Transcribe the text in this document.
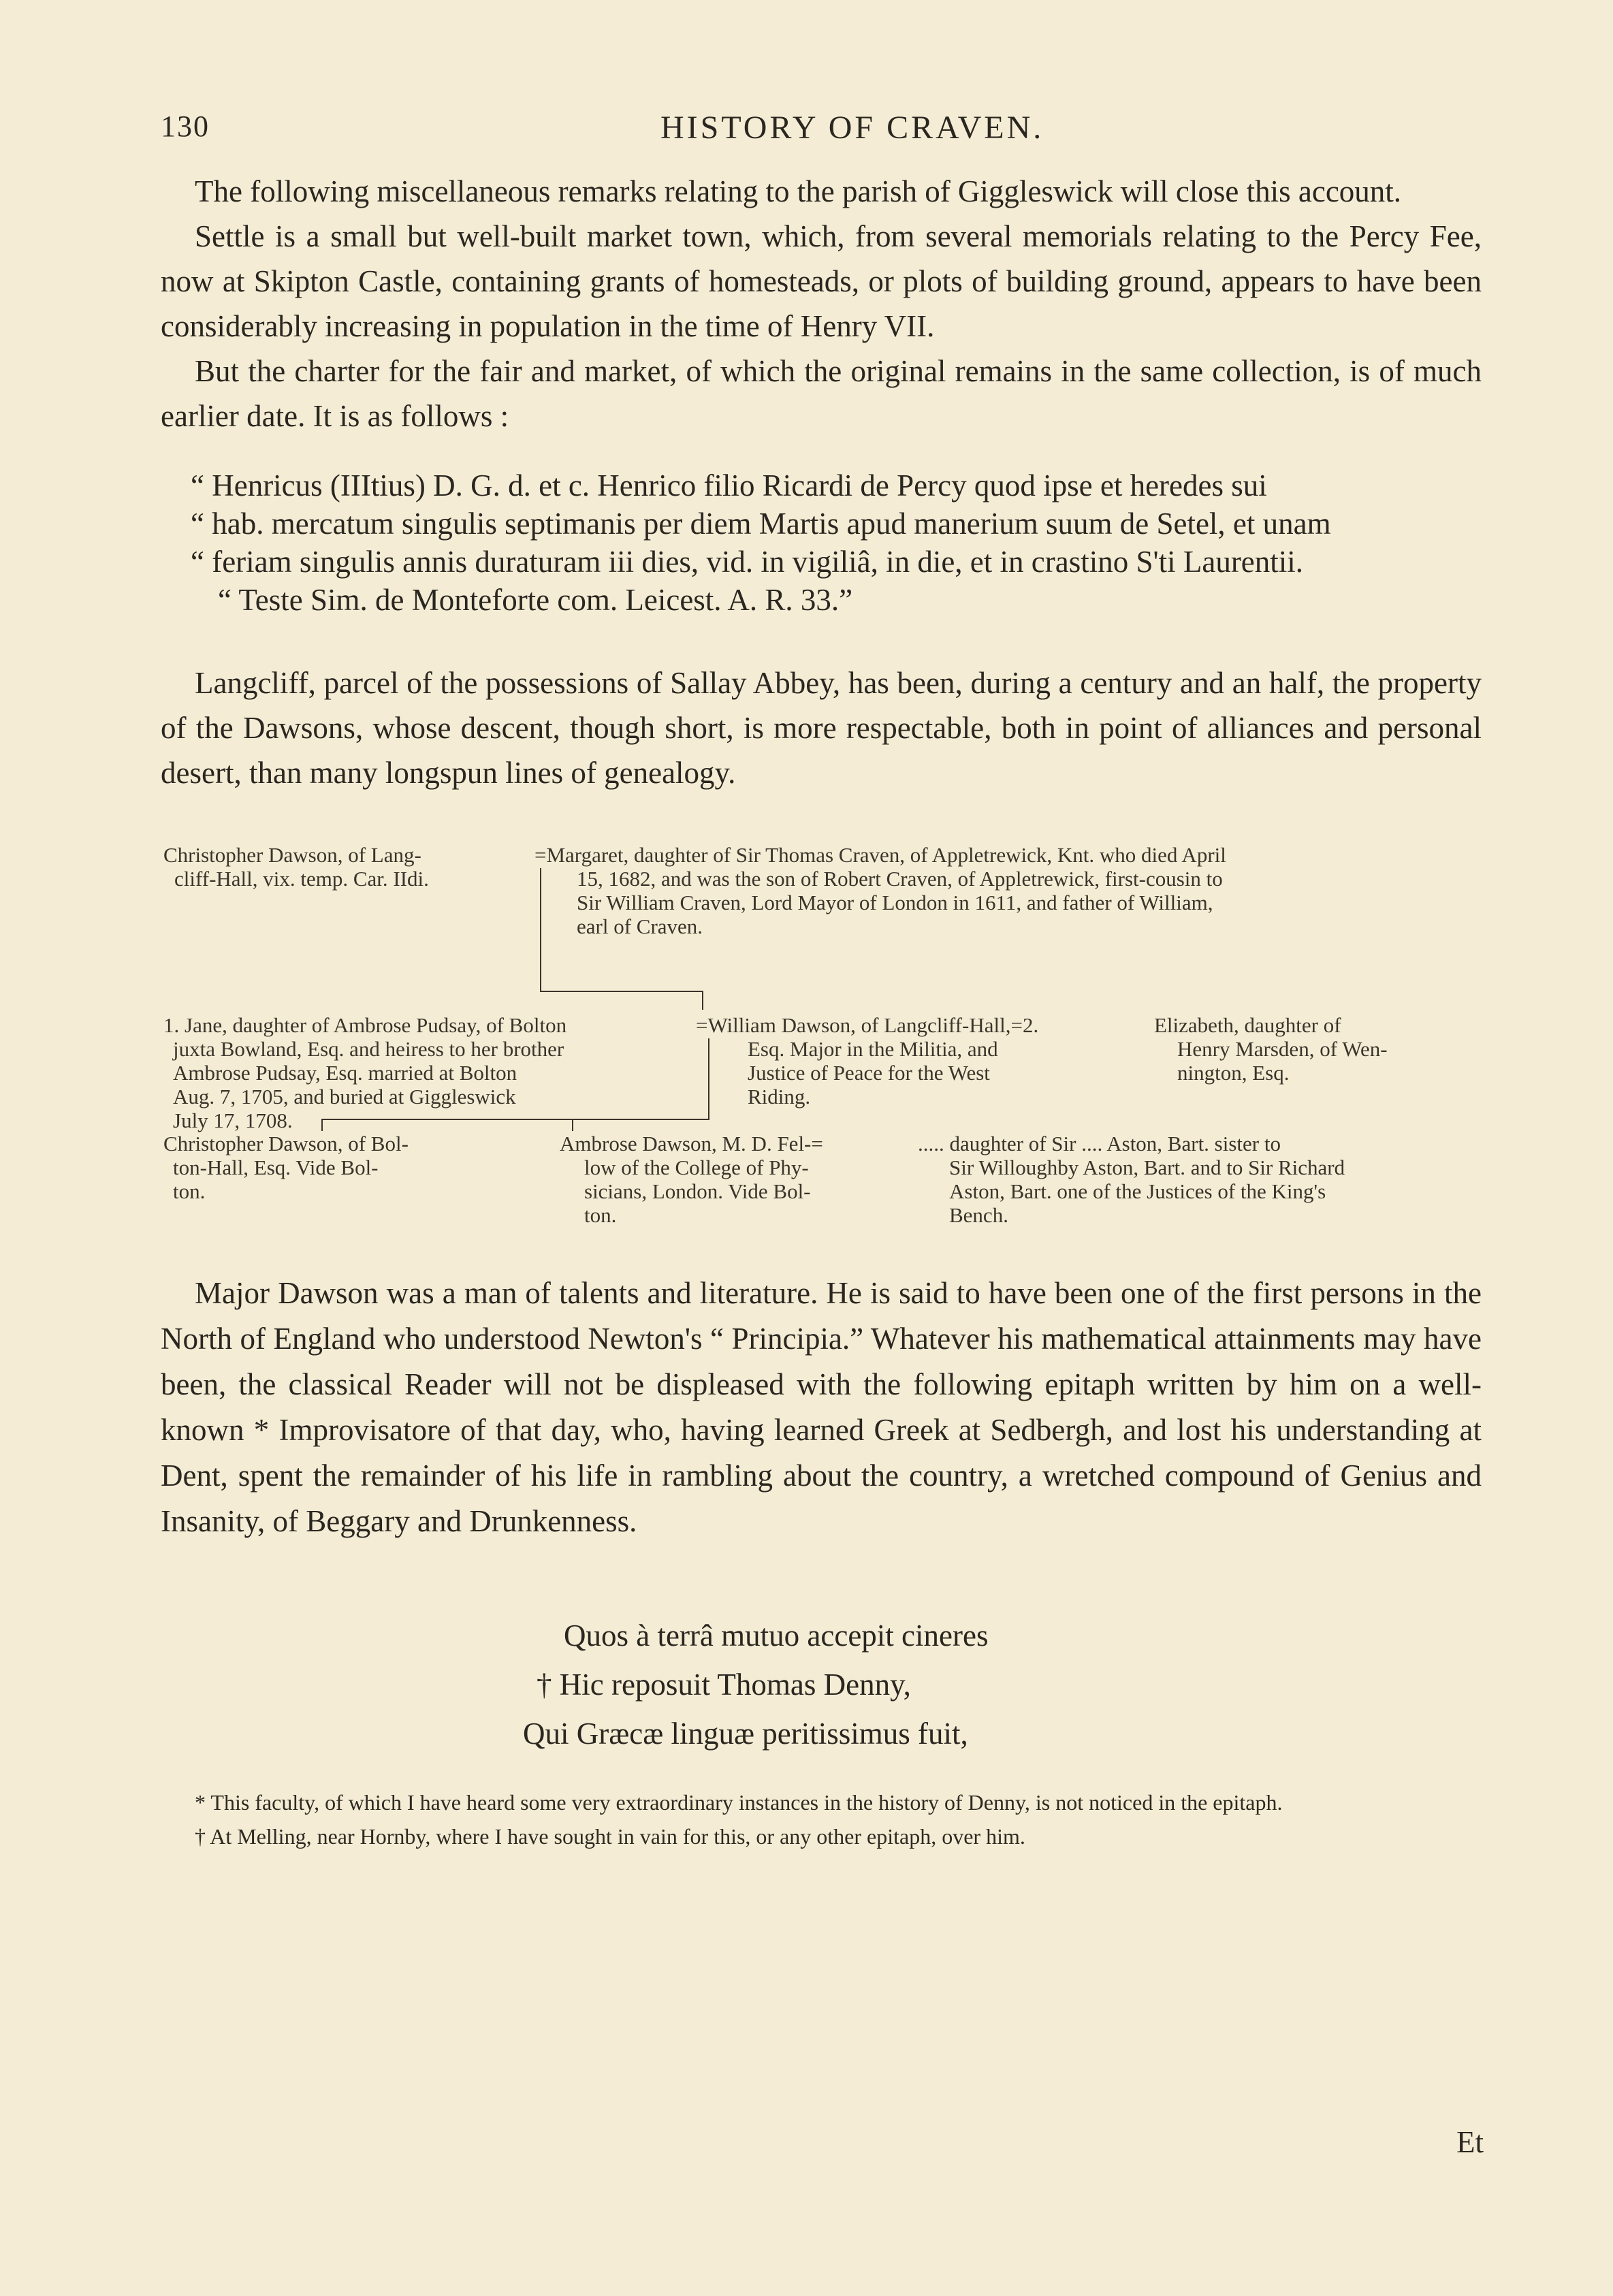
130	HISTORY OF CRAVEN.

The following miscellaneous remarks relating to the parish of Giggleswick will close this account.

Settle is a small but well-built market town, which, from several memorials relating to the Percy Fee, now at Skipton Castle, containing grants of homesteads, or plots of building ground, appears to have been considerably increasing in population in the time of Henry VII.

But the charter for the fair and market, of which the original remains in the same collection, is of much earlier date. It is as follows :

“ Henricus (IIItius) D. G. d. et c. Henrico filio Ricardi de Percy quod ipse et heredes sui
“ hab. mercatum singulis septimanis per diem Martis apud manerium suum de Setel, et unam
“ feriam singulis annis duraturam iii dies, vid. in vigiliâ, in die, et in crastino S'ti Laurentii.
“ Teste Sim. de Monteforte com. Leicest. A. R. 33.”

Langcliff, parcel of the possessions of Sallay Abbey, has been, during a century and an half, the property of the Dawsons, whose descent, though short, is more respectable, both in point of alliances and personal desert, than many longspun lines of genealogy.

Christopher Dawson, of Lang-
cliff-Hall, vix. temp. Car. IIdi.
=Margaret, daughter of Sir Thomas Craven, of Appletrewick, Knt. who died April
15, 1682, and was the son of Robert Craven, of Appletrewick, first-cousin to
Sir William Craven, Lord Mayor of London in 1611, and father of William,
earl of Craven.
1. Jane, daughter of Ambrose Pudsay, of Bolton
juxta Bowland, Esq. and heiress to her brother
Ambrose Pudsay, Esq. married at Bolton
Aug. 7, 1705, and buried at Giggleswick
July 17, 1708.
=William Dawson, of Langcliff-Hall,=2.
Esq. Major in the Militia, and
Justice of Peace for the West
Riding.
Elizabeth, daughter of
Henry Marsden, of Wen-
nington, Esq.
Christopher Dawson, of Bol-
ton-Hall, Esq. Vide Bol-
ton.
Ambrose Dawson, M. D. Fel-=
low of the College of Phy-
sicians, London. Vide Bol-
ton.
..... daughter of Sir .... Aston, Bart. sister to
Sir Willoughby Aston, Bart. and to Sir Richard
Aston, Bart. one of the Justices of the King's
Bench.

Major Dawson was a man of talents and literature. He is said to have been one of the first persons in the North of England who understood Newton's “ Principia.” Whatever his mathematical attainments may have been, the classical Reader will not be displeased with the following epitaph written by him on a well-known * Improvisatore of that day, who, having learned Greek at Sedbergh, and lost his understanding at Dent, spent the remainder of his life in rambling about the country, a wretched compound of Genius and Insanity, of Beggary and Drunkenness.

Quos à terrâ mutuo accepit cineres
† Hic reposuit Thomas Denny,
Qui Græcæ linguæ peritissimus fuit,
* This faculty, of which I have heard some very extraordinary instances in the history of Denny, is not noticed in the epitaph.
† At Melling, near Hornby, where I have sought in vain for this, or any other epitaph, over him.
Et
